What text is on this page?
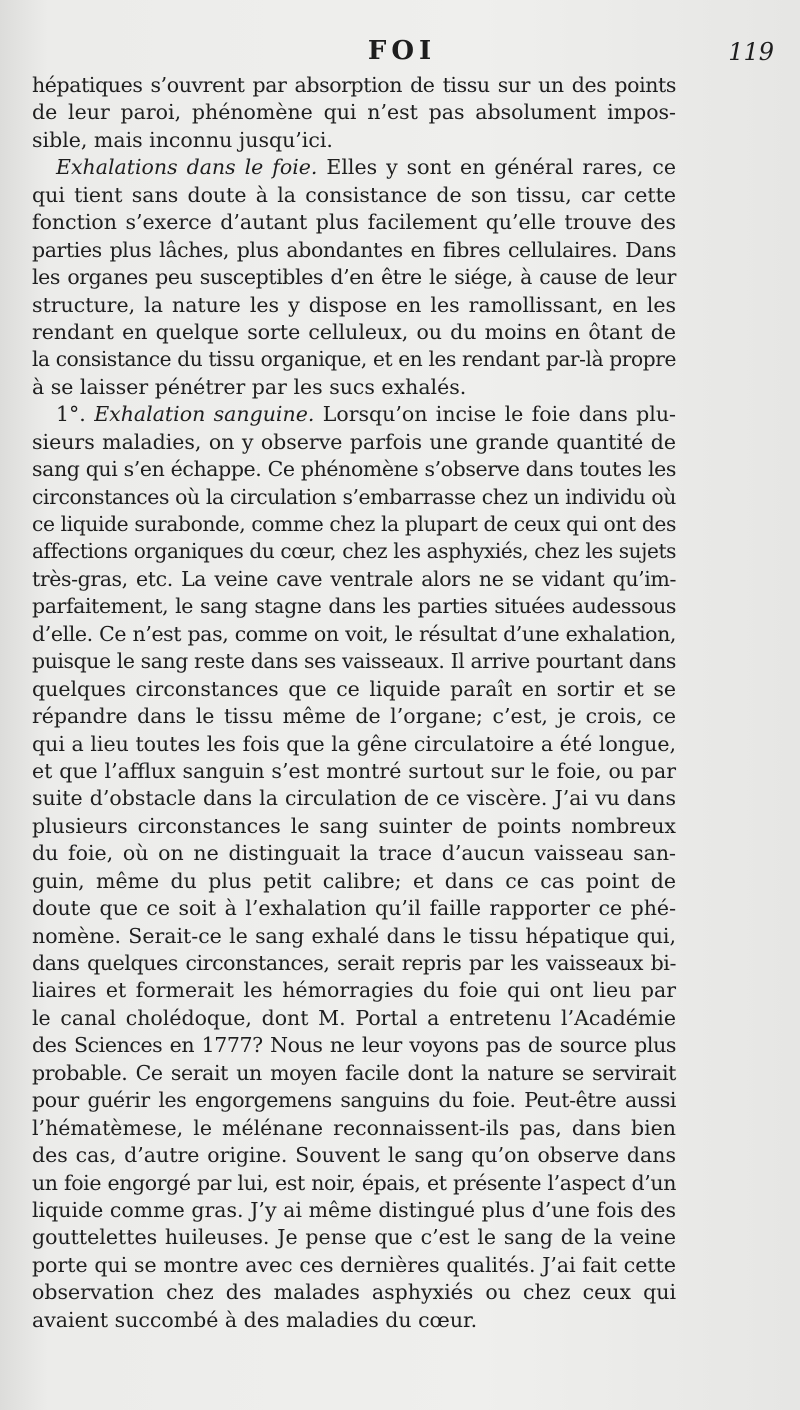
FOI	119
hépatiques s’ouvrent par absorption de tissu sur un des points
de leur paroi, phénomène qui n’est pas absolument impos-
sible, mais inconnu jusqu’ici.
Exhalations dans le foie. Elles y sont en général rares, ce
qui tient sans doute à la consistance de son tissu, car cette
fonction s’exerce d’autant plus facilement qu’elle trouve des
parties plus lâches, plus abondantes en fibres cellulaires. Dans
les organes peu susceptibles d’en être le siége, à cause de leur
structure, la nature les y dispose en les ramollissant, en les
rendant en quelque sorte celluleux, ou du moins en ôtant de
la consistance du tissu organique, et en les rendant par-là propre
à se laisser pénétrer par les sucs exhalés.
1°. Exhalation sanguine. Lorsqu’on incise le foie dans plu-
sieurs maladies, on y observe parfois une grande quantité de
sang qui s’en échappe. Ce phénomène s’observe dans toutes les
circonstances où la circulation s’embarrasse chez un individu où
ce liquide surabonde, comme chez la plupart de ceux qui ont des
affections organiques du cœur, chez les asphyxiés, chez les sujets
très-gras, etc. La veine cave ventrale alors ne se vidant qu’im-
parfaitement, le sang stagne dans les parties situées audessous
d’elle. Ce n’est pas, comme on voit, le résultat d’une exhalation,
puisque le sang reste dans ses vaisseaux. Il arrive pourtant dans
quelques circonstances que ce liquide paraît en sortir et se
répandre dans le tissu même de l’organe; c’est, je crois, ce
qui a lieu toutes les fois que la gêne circulatoire a été longue,
et que l’afflux sanguin s’est montré surtout sur le foie, ou par
suite d’obstacle dans la circulation de ce viscère. J’ai vu dans
plusieurs circonstances le sang suinter de points nombreux
du foie, où on ne distinguait la trace d’aucun vaisseau san-
guin, même du plus petit calibre; et dans ce cas point de
doute que ce soit à l’exhalation qu’il faille rapporter ce phé-
nomène. Serait-ce le sang exhalé dans le tissu hépatique qui,
dans quelques circonstances, serait repris par les vaisseaux bi-
liaires et formerait les hémorragies du foie qui ont lieu par
le canal cholédoque, dont M. Portal a entretenu l’Académie
des Sciences en 1777? Nous ne leur voyons pas de source plus
probable. Ce serait un moyen facile dont la nature se servirait
pour guérir les engorgemens sanguins du foie. Peut-être aussi
l’hématèmese, le mélénane reconnaissent-ils pas, dans bien
des cas, d’autre origine. Souvent le sang qu’on observe dans
un foie engorgé par lui, est noir, épais, et présente l’aspect d’un
liquide comme gras. J’y ai même distingué plus d’une fois des
gouttelettes huileuses. Je pense que c’est le sang de la veine
porte qui se montre avec ces dernières qualités. J’ai fait cette
observation chez des malades asphyxiés ou chez ceux qui
avaient succombé à des maladies du cœur.
